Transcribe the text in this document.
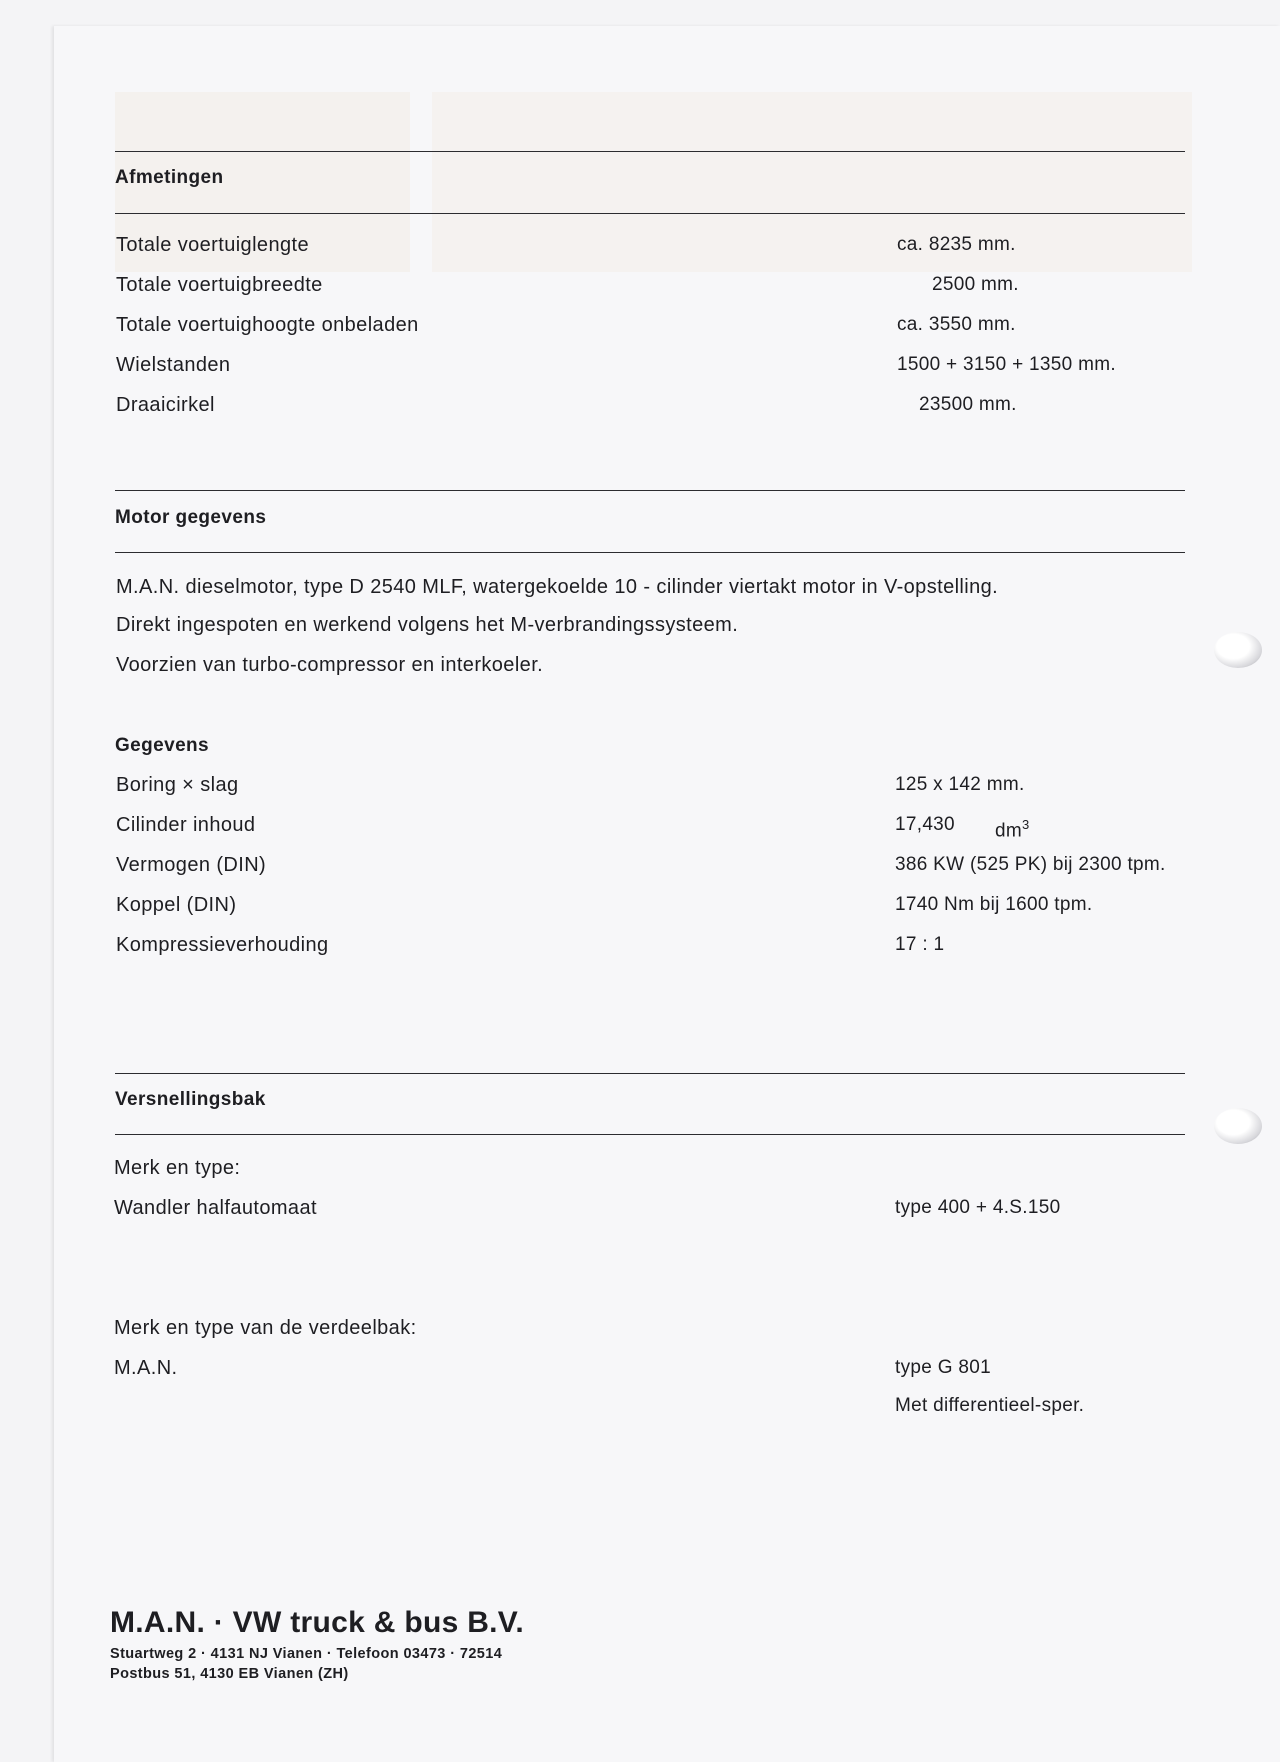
Afmetingen
Totale voertuiglengte	ca. 8235 mm.
Totale voertuigbreedte	2500 mm.
Totale voertuighoogte onbeladen	ca. 3550 mm.
Wielstanden	1500 + 3150 + 1350 mm.
Draaicirkel	23500 mm.
Motor gegevens
M.A.N. dieselmotor, type D 2540 MLF, watergekoelde 10 - cilinder viertakt motor in V-opstelling.
Direkt ingespoten en werkend volgens het M-verbrandingssysteem.
Voorzien van turbo-compressor en interkoeler.
Gegevens
Boring × slag	125 x 142 mm.
Cilinder inhoud	17,430 $dm^3$
Vermogen (DIN)	386 KW (525 PK) bij 2300 tpm.
Koppel (DIN)	1740 Nm bij 1600 tpm.
Kompressieverhouding	17 : 1
Versnellingsbak
Merk en type:
Wandler halfautomaat	type 400 + 4.S.150
Merk en type van de verdeelbak:
M.A.N.	type G 801
Met differentieel-sper.
M.A.N. · VW truck & bus B.V.
Stuartweg 2 · 4131 NJ Vianen · Telefoon 03473 · 72514
Postbus 51, 4130 EB Vianen (ZH)
